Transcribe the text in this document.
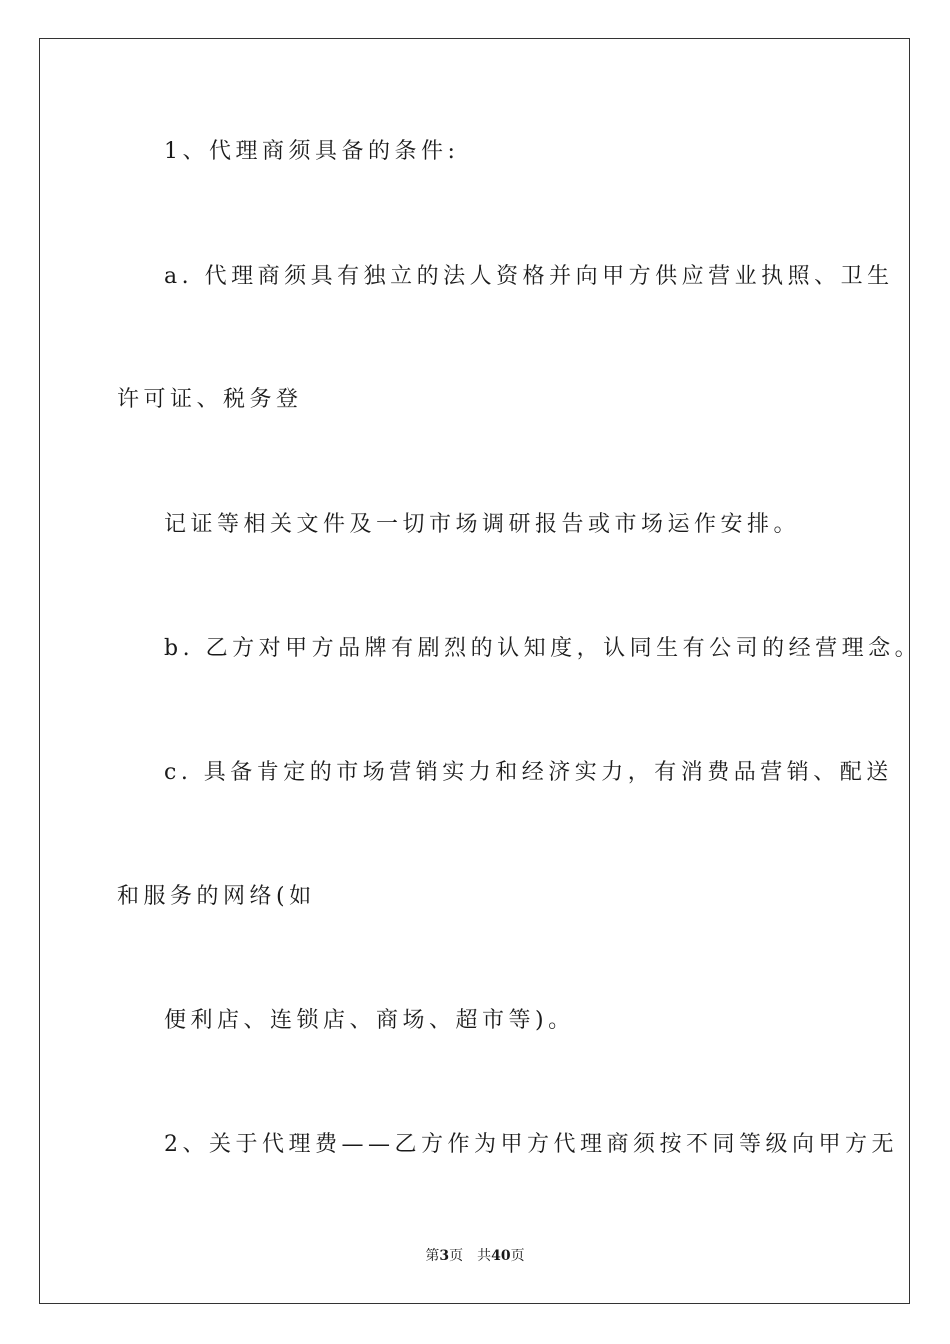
1、代理商须具备的条件:
a. 代理商须具有独立的法人资格并向甲方供应营业执照、卫生
许可证、税务登
记证等相关文件及一切市场调研报告或市场运作安排。
b. 乙方对甲方品牌有剧烈的认知度，认同生有公司的经营理念。
c. 具备肯定的市场营销实力和经济实力，有消费品营销、配送
和服务的网络(如
便利店、连锁店、商场、超市等)。
2、关于代理费——乙方作为甲方代理商须按不同等级向甲方无
第3页 共40页
